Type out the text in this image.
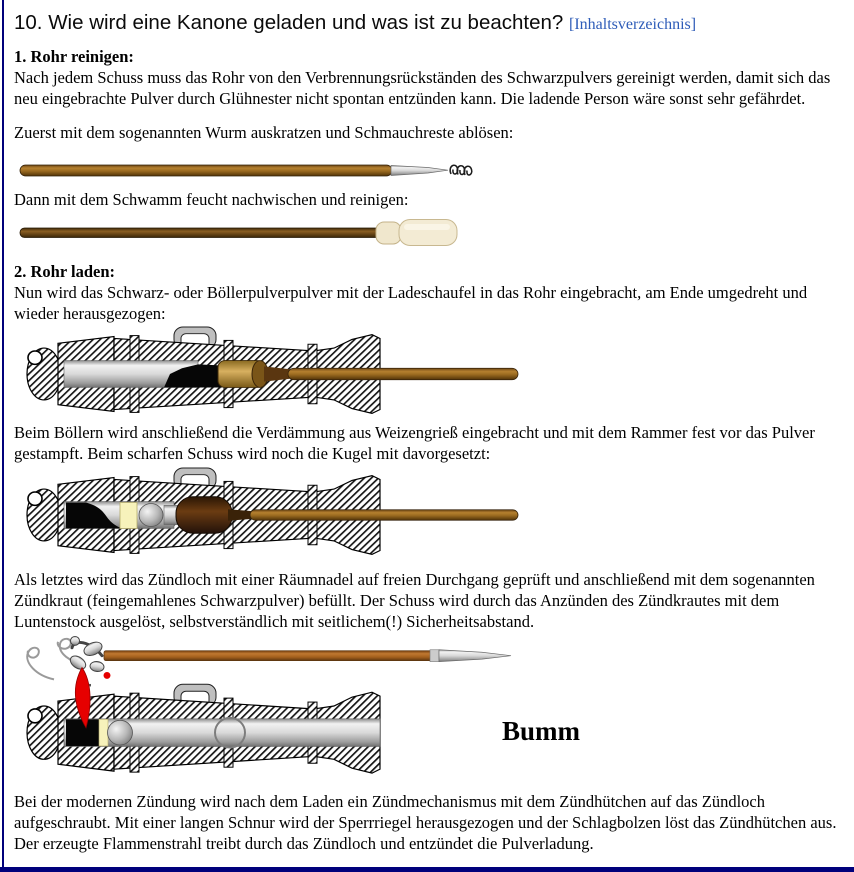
10. Wie wird eine Kanone geladen und was ist zu beachten? [Inhaltsverzeichnis]
1. Rohr reinigen:

Nach jedem Schuss muss das Rohr von den Verbrennungsrückständen des Schwarzpulvers gereinigt werden, damit sich das neu eingebrachte Pulver durch Glühnester nicht spontan entzünden kann. Die ladende Person wäre sonst sehr gefährdet.

Zuerst mit dem sogenannten Wurm auskratzen und Schmauchreste ablösen:

Dann mit dem Schwamm feucht nachwischen und reinigen:

2. Rohr laden:

Nun wird das Schwarz- oder Böllerpulverpulver mit der Ladeschaufel in das Rohr eingebracht, am Ende umgedreht und wieder herausgezogen:

Beim Böllern wird anschließend die Verdämmung aus Weizengrieß eingebracht und mit dem Rammer fest vor das Pulver gestampft. Beim scharfen Schuss wird noch die Kugel mit davorgesetzt:

Als letztes wird das Zündloch mit einer Räumnadel auf freien Durchgang geprüft und anschließend mit dem sogenannten Zündkraut (feingemahlenes Schwarzpulver) befüllt. Der Schuss wird durch das Anzünden des Zündkrautes mit dem Luntenstock ausgelöst, selbstverständlich mit seitlichem(!) Sicherheitsabstand.

Bumm

Bei der modernen Zündung wird nach dem Laden ein Zündmechanismus mit dem Zündhütchen auf das Zündloch aufgeschraubt. Mit einer langen Schnur wird der Sperrriegel herausgezogen und der Schlagbolzen löst das Zündhütchen aus. Der erzeugte Flammenstrahl treibt durch das Zündloch und entzündet die Pulverladung.
